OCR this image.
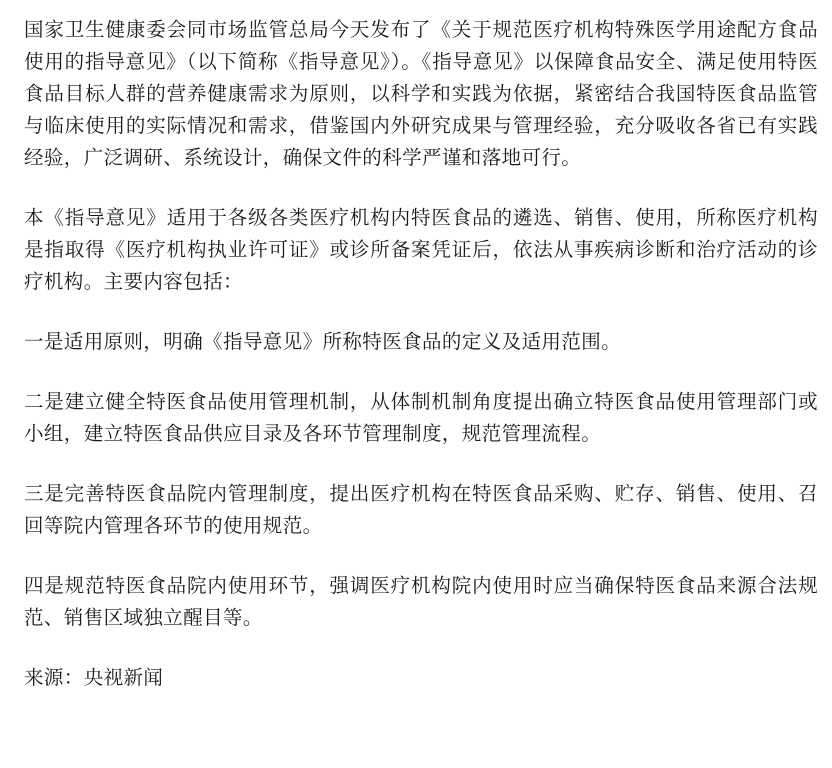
国家卫生健康委会同市场监管总局今天发布了《关于规范医疗机构特殊医学用途配方食品使用的指导意见》（以下简称《指导意见》）。《指导意见》以保障食品安全、满足使用特医食品目标人群的营养健康需求为原则，以科学和实践为依据，紧密结合我国特医食品监管与临床使用的实际情况和需求，借鉴国内外研究成果与管理经验，充分吸收各省已有实践经验，广泛调研、系统设计，确保文件的科学严谨和落地可行。

本《指导意见》适用于各级各类医疗机构内特医食品的遴选、销售、使用，所称医疗机构是指取得《医疗机构执业许可证》或诊所备案凭证后，依法从事疾病诊断和治疗活动的诊疗机构。主要内容包括：

一是适用原则，明确《指导意见》所称特医食品的定义及适用范围。

二是建立健全特医食品使用管理机制，从体制机制角度提出确立特医食品使用管理部门或小组，建立特医食品供应目录及各环节管理制度，规范管理流程。

三是完善特医食品院内管理制度，提出医疗机构在特医食品采购、贮存、销售、使用、召回等院内管理各环节的使用规范。

四是规范特医食品院内使用环节，强调医疗机构院内使用时应当确保特医食品来源合法规范、销售区域独立醒目等。

来源：央视新闻
